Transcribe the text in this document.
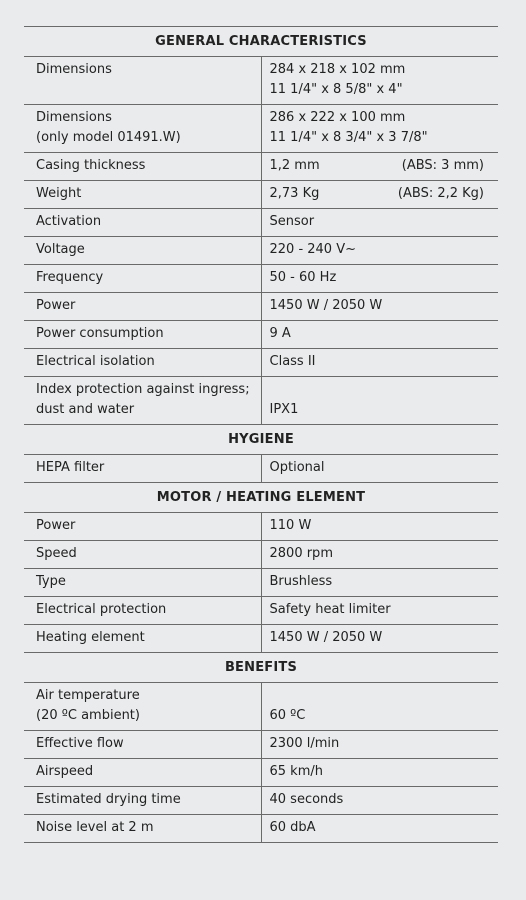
GENERAL CHARACTERISTICS	

Dimensions	284 x 218 x 102 mm
11 1/4" x 8 5/8" x 4"

Dimensions
(only model 01491.W)	286 x 222 x 100 mm
11 1/4" x 8 3/4" x 3 7/8"

Casing thickness	1,2 mm (ABS: 3 mm)

Weight	2,73 Kg (ABS: 2,2 Kg)

Activation	Sensor

Voltage	220 - 240 V~

Frequency	50 - 60 Hz

Power	1450 W / 2050 W

Power consumption	9 A

Electrical isolation	Class II

Index protection against ingress;
dust and water	IPX1

HYGIENE	

HEPA filter	Optional

MOTOR / HEATING ELEMENT	

Power	110 W

Speed	2800 rpm

Type	Brushless

Electrical protection	Safety heat limiter

Heating element	1450 W / 2050 W

BENEFITS	

Air temperature
(20 ºC ambient)	60 ºC

Effective flow	2300 l/min

Airspeed	65 km/h

Estimated drying time	40 seconds

Noise level at 2 m	60 dbA
